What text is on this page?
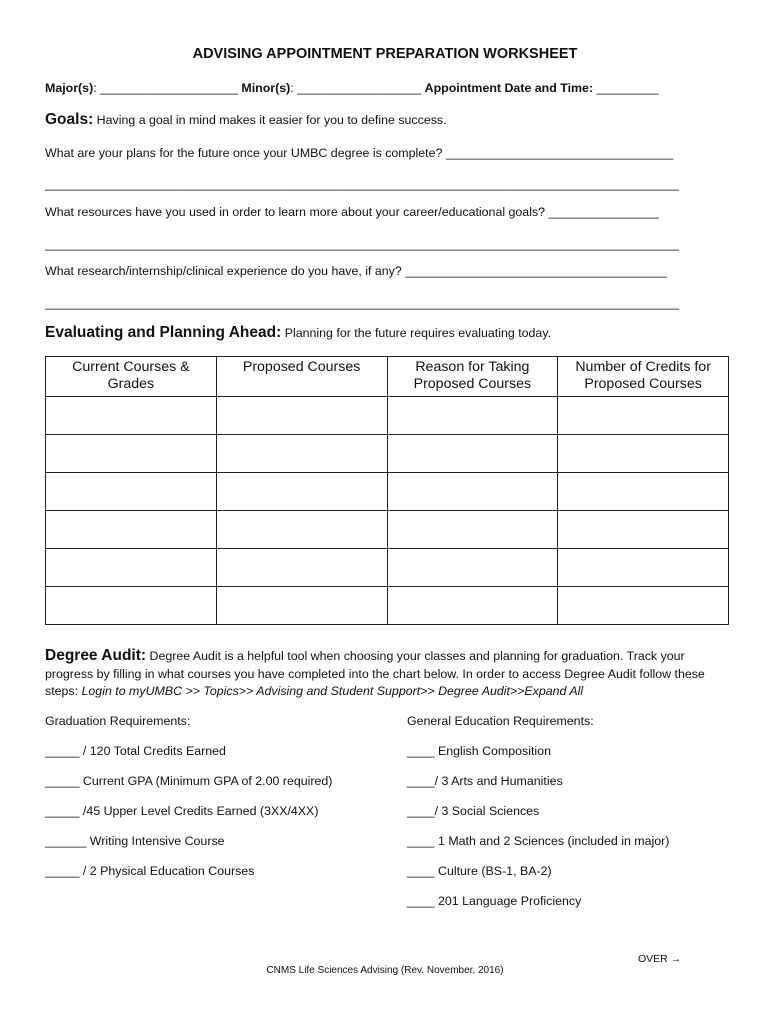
ADVISING APPOINTMENT PREPARATION WORKSHEET
Major(s): ____________________ Minor(s): __________________ Appointment Date and Time: _________
Goals: Having a goal in mind makes it easier for you to define success.
What are your plans for the future once your UMBC degree is complete? _________________________________
____________________________________________________________________________________________
What resources have you used in order to learn more about your career/educational goals? ________________
____________________________________________________________________________________________
What research/internship/clinical experience do you have, if any? ______________________________________
____________________________________________________________________________________________
Evaluating and Planning Ahead: Planning for the future requires evaluating today.
Current Courses & Grades	Proposed Courses	Reason for Taking Proposed Courses	Number of Credits for Proposed Courses

Degree Audit: Degree Audit is a helpful tool when choosing your classes and planning for graduation. Track your progress by filling in what courses you have completed into the chart below. In order to access Degree Audit follow these steps: Login to myUMBC >> Topics>> Advising and Student Support>> Degree Audit>>Expand All
Graduation Requirements:
_____ / 120 Total Credits Earned
_____ Current GPA (Minimum GPA of 2.00 required)
_____ /45 Upper Level Credits Earned (3XX/4XX)
______ Writing Intensive Course
_____ / 2 Physical Education Courses
General Education Requirements:
____ English Composition
____/ 3 Arts and Humanities
____/ 3 Social Sciences
____ 1 Math and 2 Sciences (included in major)
____ Culture (BS-1, BA-2)
____ 201 Language Proficiency
OVER →
CNMS Life Sciences Advising (Rev. November, 2016)
